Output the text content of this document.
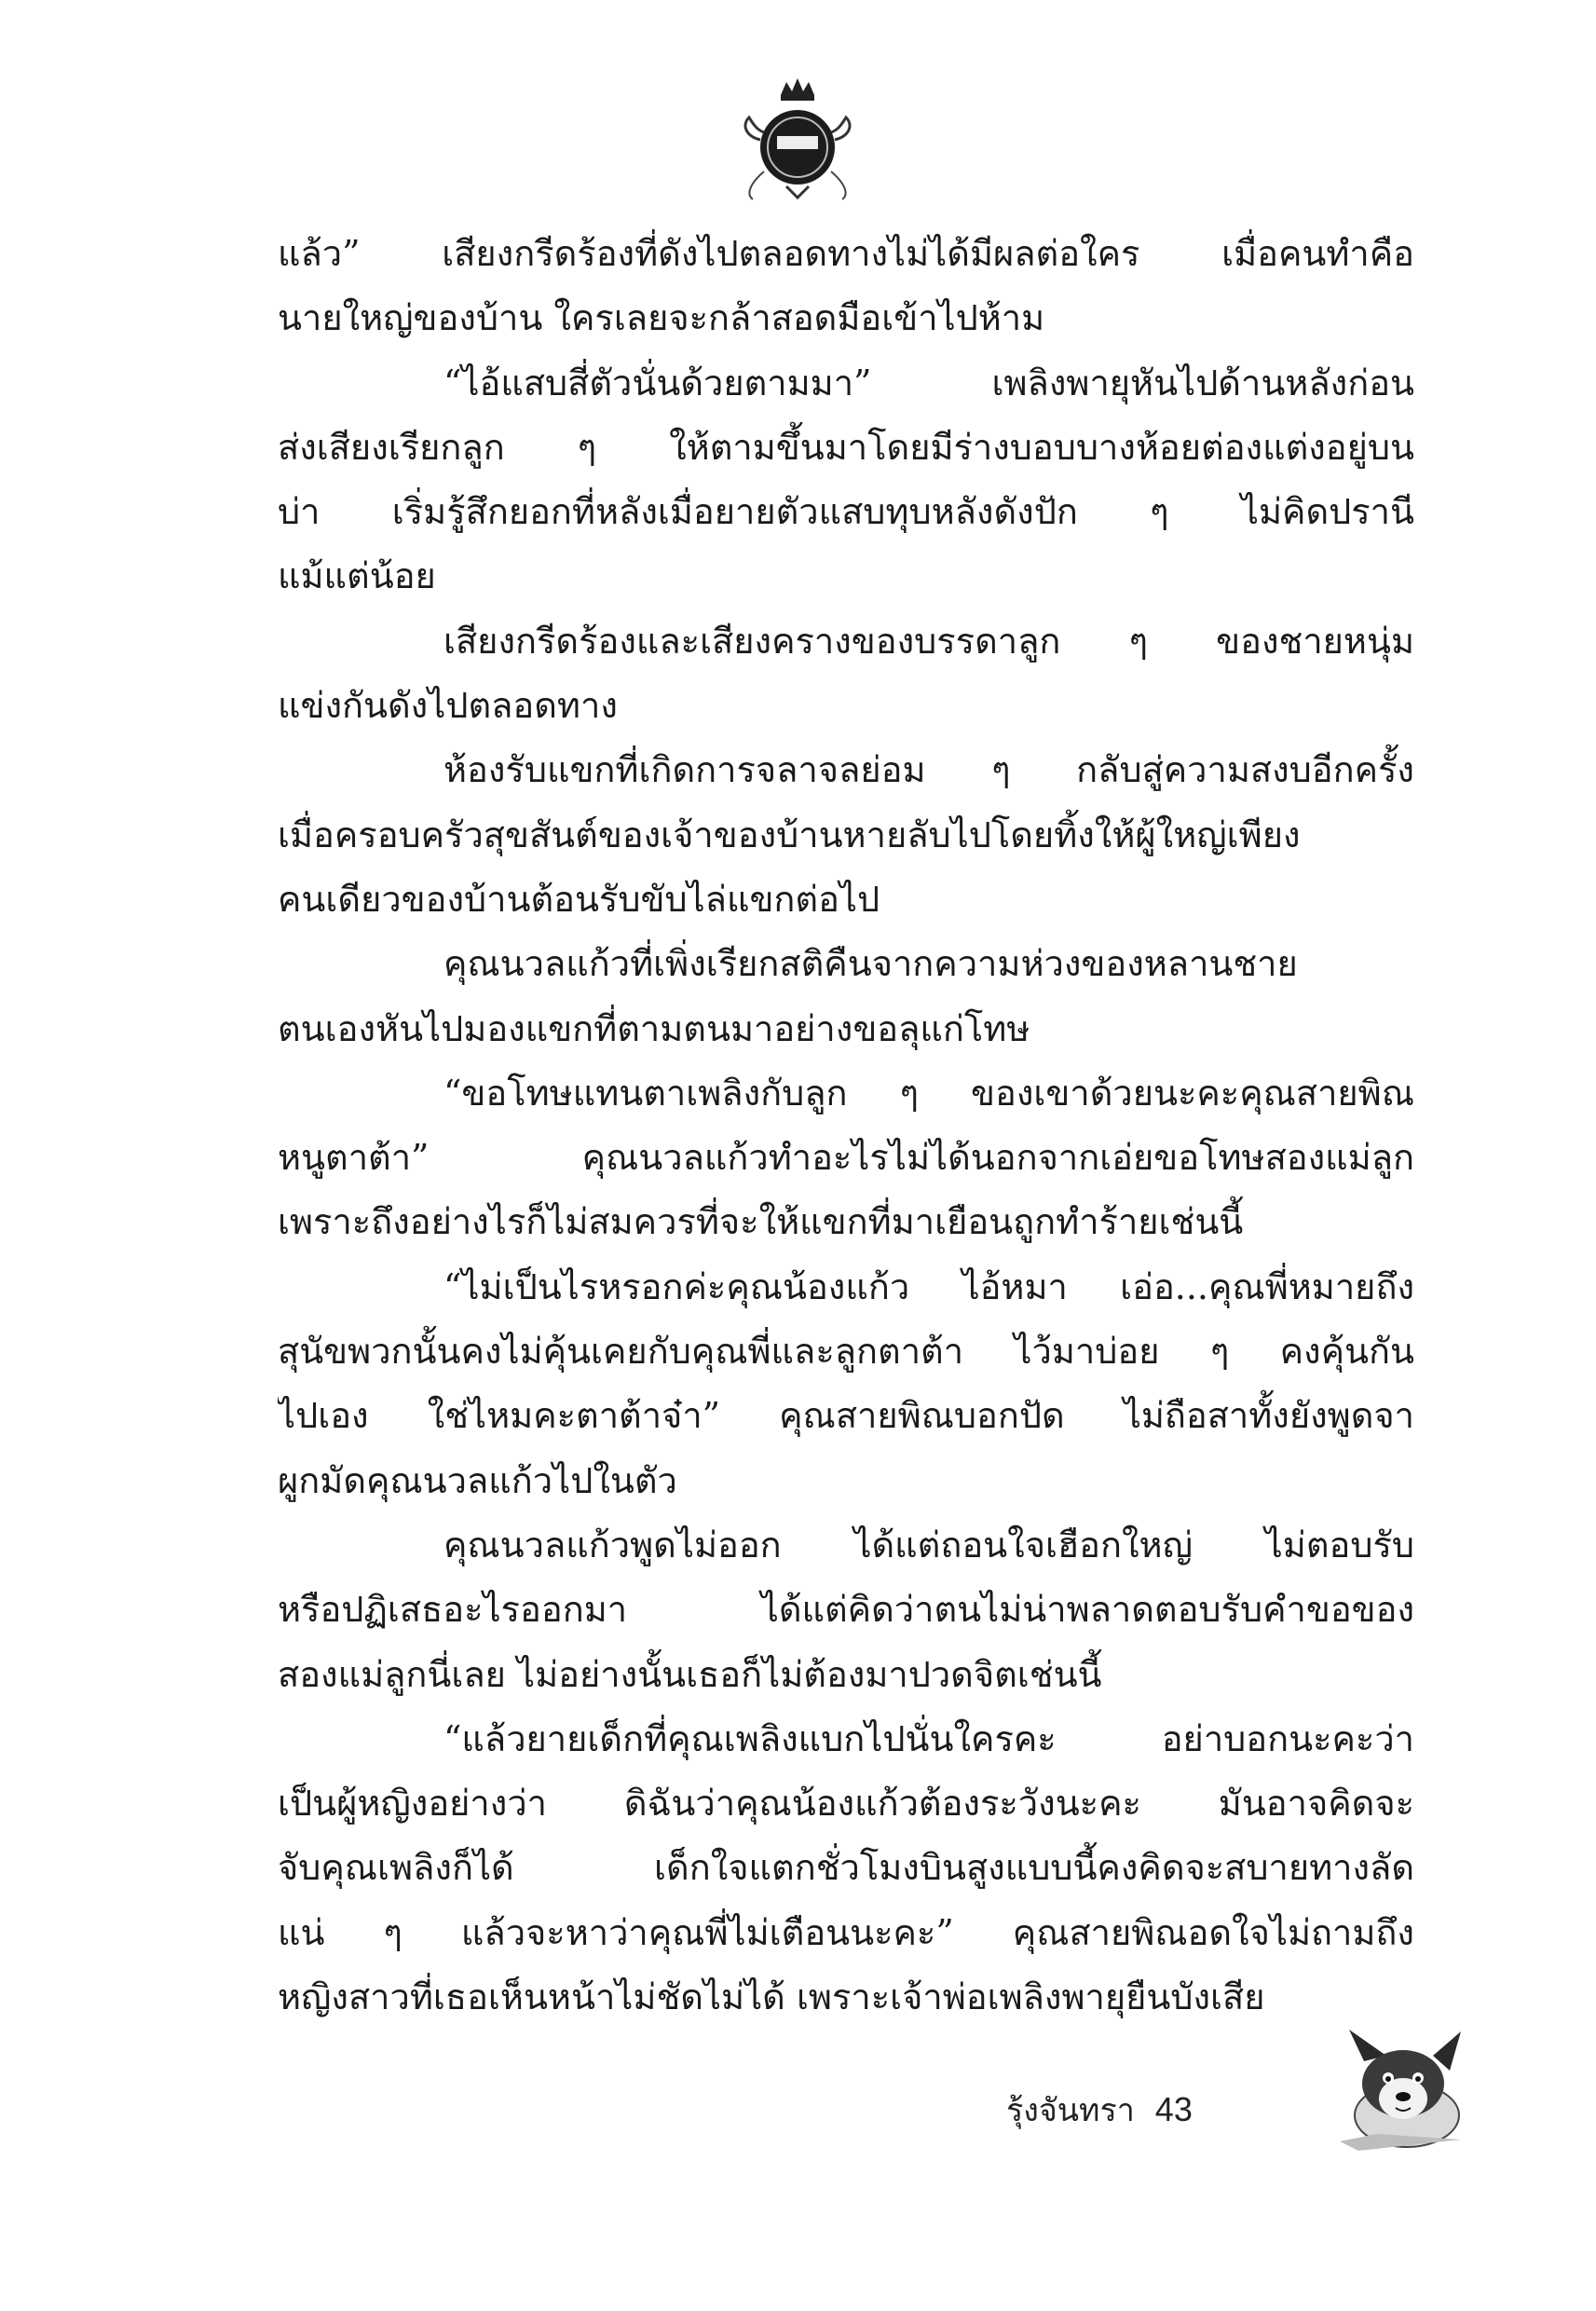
แล้ว” เสียงกรีดร้องที่ดังไปตลอดทางไม่ได้มีผลต่อใคร เมื่อคนทำคือ
นายใหญ่ของบ้าน ใครเลยจะกล้าสอดมือเข้าไปห้าม
“ไอ้แสบสี่ตัวนั่นด้วยตามมา” เพลิงพายุหันไปด้านหลังก่อน
ส่งเสียงเรียกลูก ๆ ให้ตามขึ้นมาโดยมีร่างบอบบางห้อยต่องแต่งอยู่บน
บ่า เริ่มรู้สึกยอกที่หลังเมื่อยายตัวแสบทุบหลังดังปัก ๆ ไม่คิดปรานี
แม้แต่น้อย
เสียงกรีดร้องและเสียงครางของบรรดาลูก ๆ ของชายหนุ่ม
แข่งกันดังไปตลอดทาง
ห้องรับแขกที่เกิดการจลาจลย่อม ๆ กลับสู่ความสงบอีกครั้ง
เมื่อครอบครัวสุขสันต์ของเจ้าของบ้านหายลับไปโดยทิ้งให้ผู้ใหญ่เพียง
คนเดียวของบ้านต้อนรับขับไล่แขกต่อไป
คุณนวลแก้วที่เพิ่งเรียกสติคืนจากความห่วงของหลานชาย
ตนเองหันไปมองแขกที่ตามตนมาอย่างขอลุแก่โทษ
“ขอโทษแทนตาเพลิงกับลูก ๆ ของเขาด้วยนะคะคุณสายพิณ
หนูตาต้า” คุณนวลแก้วทำอะไรไม่ได้นอกจากเอ่ยขอโทษสองแม่ลูก
เพราะถึงอย่างไรก็ไม่สมควรที่จะให้แขกที่มาเยือนถูกทำร้ายเช่นนี้
“ไม่เป็นไรหรอกค่ะคุณน้องแก้ว ไอ้หมา เอ่อ...คุณพี่หมายถึง
สุนัขพวกนั้นคงไม่คุ้นเคยกับคุณพี่และลูกตาต้า ไว้มาบ่อย ๆ คงคุ้นกัน
ไปเอง ใช่ไหมคะตาต้าจ๋า” คุณสายพิณบอกปัด ไม่ถือสาทั้งยังพูดจา
ผูกมัดคุณนวลแก้วไปในตัว
คุณนวลแก้วพูดไม่ออก ได้แต่ถอนใจเฮือกใหญ่ ไม่ตอบรับ
หรือปฏิเสธอะไรออกมา ได้แต่คิดว่าตนไม่น่าพลาดตอบรับคำขอของ
สองแม่ลูกนี่เลย ไม่อย่างนั้นเธอก็ไม่ต้องมาปวดจิตเช่นนี้
“แล้วยายเด็กที่คุณเพลิงแบกไปนั่นใครคะ อย่าบอกนะคะว่า
เป็นผู้หญิงอย่างว่า ดิฉันว่าคุณน้องแก้วต้องระวังนะคะ มันอาจคิดจะ
จับคุณเพลิงก็ได้ เด็กใจแตกชั่วโมงบินสูงแบบนี้คงคิดจะสบายทางลัด
แน่ ๆ แล้วจะหาว่าคุณพี่ไม่เตือนนะคะ” คุณสายพิณอดใจไม่ถามถึง
หญิงสาวที่เธอเห็นหน้าไม่ชัดไม่ได้ เพราะเจ้าพ่อเพลิงพายุยืนบังเสีย
รุ้งจันทรา 43
